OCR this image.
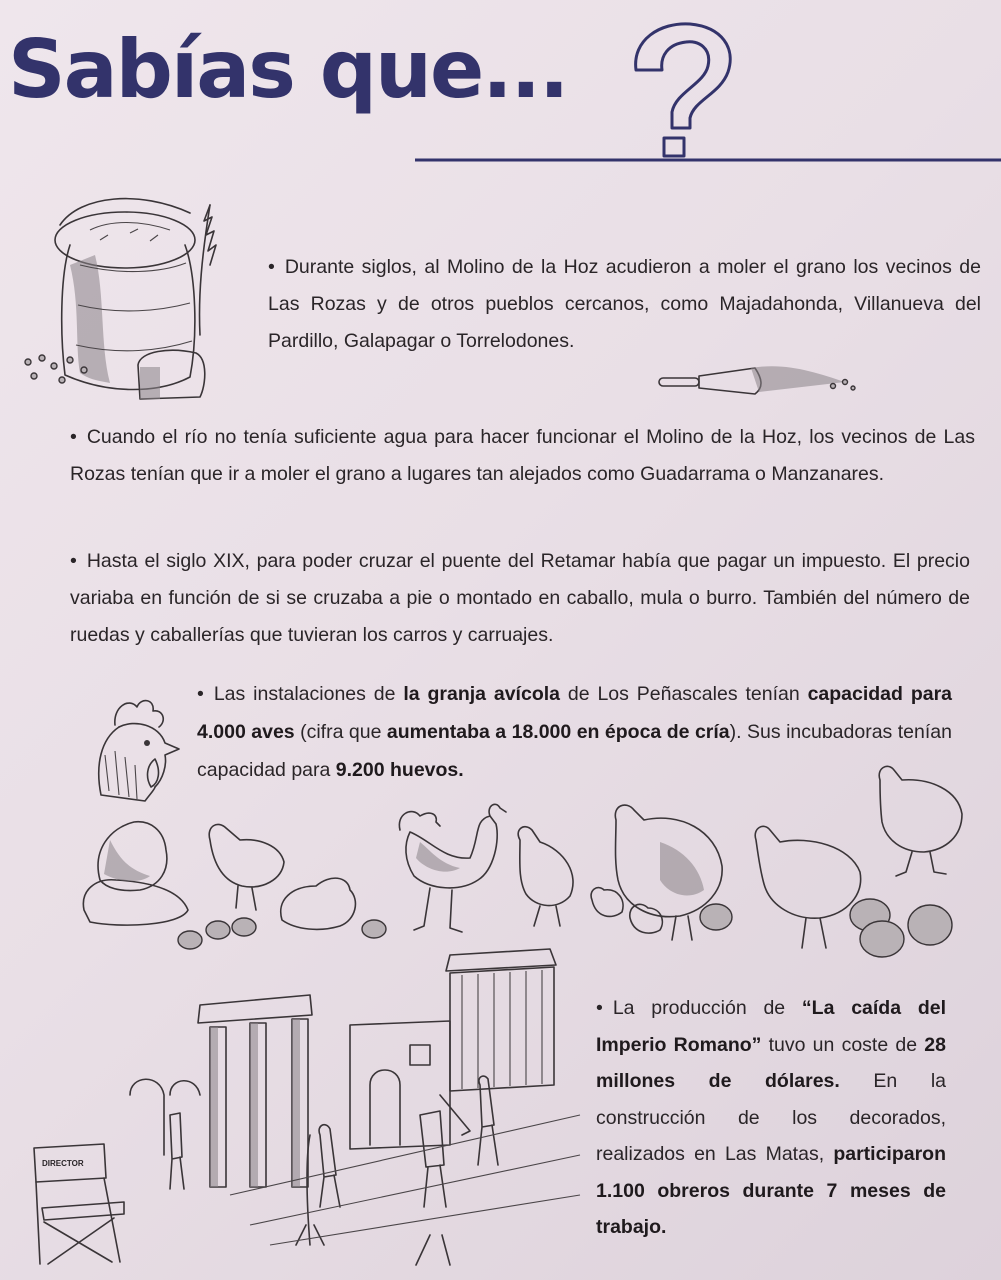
Sabías que...

• Durante siglos, al Molino de la Hoz acudieron a moler el grano los vecinos de Las Rozas y de otros pueblos cercanos, como Majadahonda, Villanueva del Pardillo, Galapagar o Torrelodones.

• Cuando el río no tenía suficiente agua para hacer funcionar el Molino de la Hoz, los vecinos de Las Rozas tenían que ir a moler el grano a lugares tan alejados como Guadarrama o Manzanares.

• Hasta el siglo XIX, para poder cruzar el puente del Retamar había que pagar un impuesto. El precio variaba en función de si se cruzaba a pie o montado en caballo, mula o burro. También del número de ruedas y caballerías que tuvieran los carros y carruajes.

• Las instalaciones de la granja avícola de Los Peñascales tenían capacidad para 4.000 aves (cifra que aumentaba a 18.000 en época de cría). Sus incubadoras tenían capacidad para 9.200 huevos.

DIRECTOR

• La producción de “La caída del Imperio Romano” tuvo un coste de 28 millones de dólares. En la construcción de los decorados, realizados en Las Matas, participaron 1.100 obreros durante 7 meses de trabajo.
